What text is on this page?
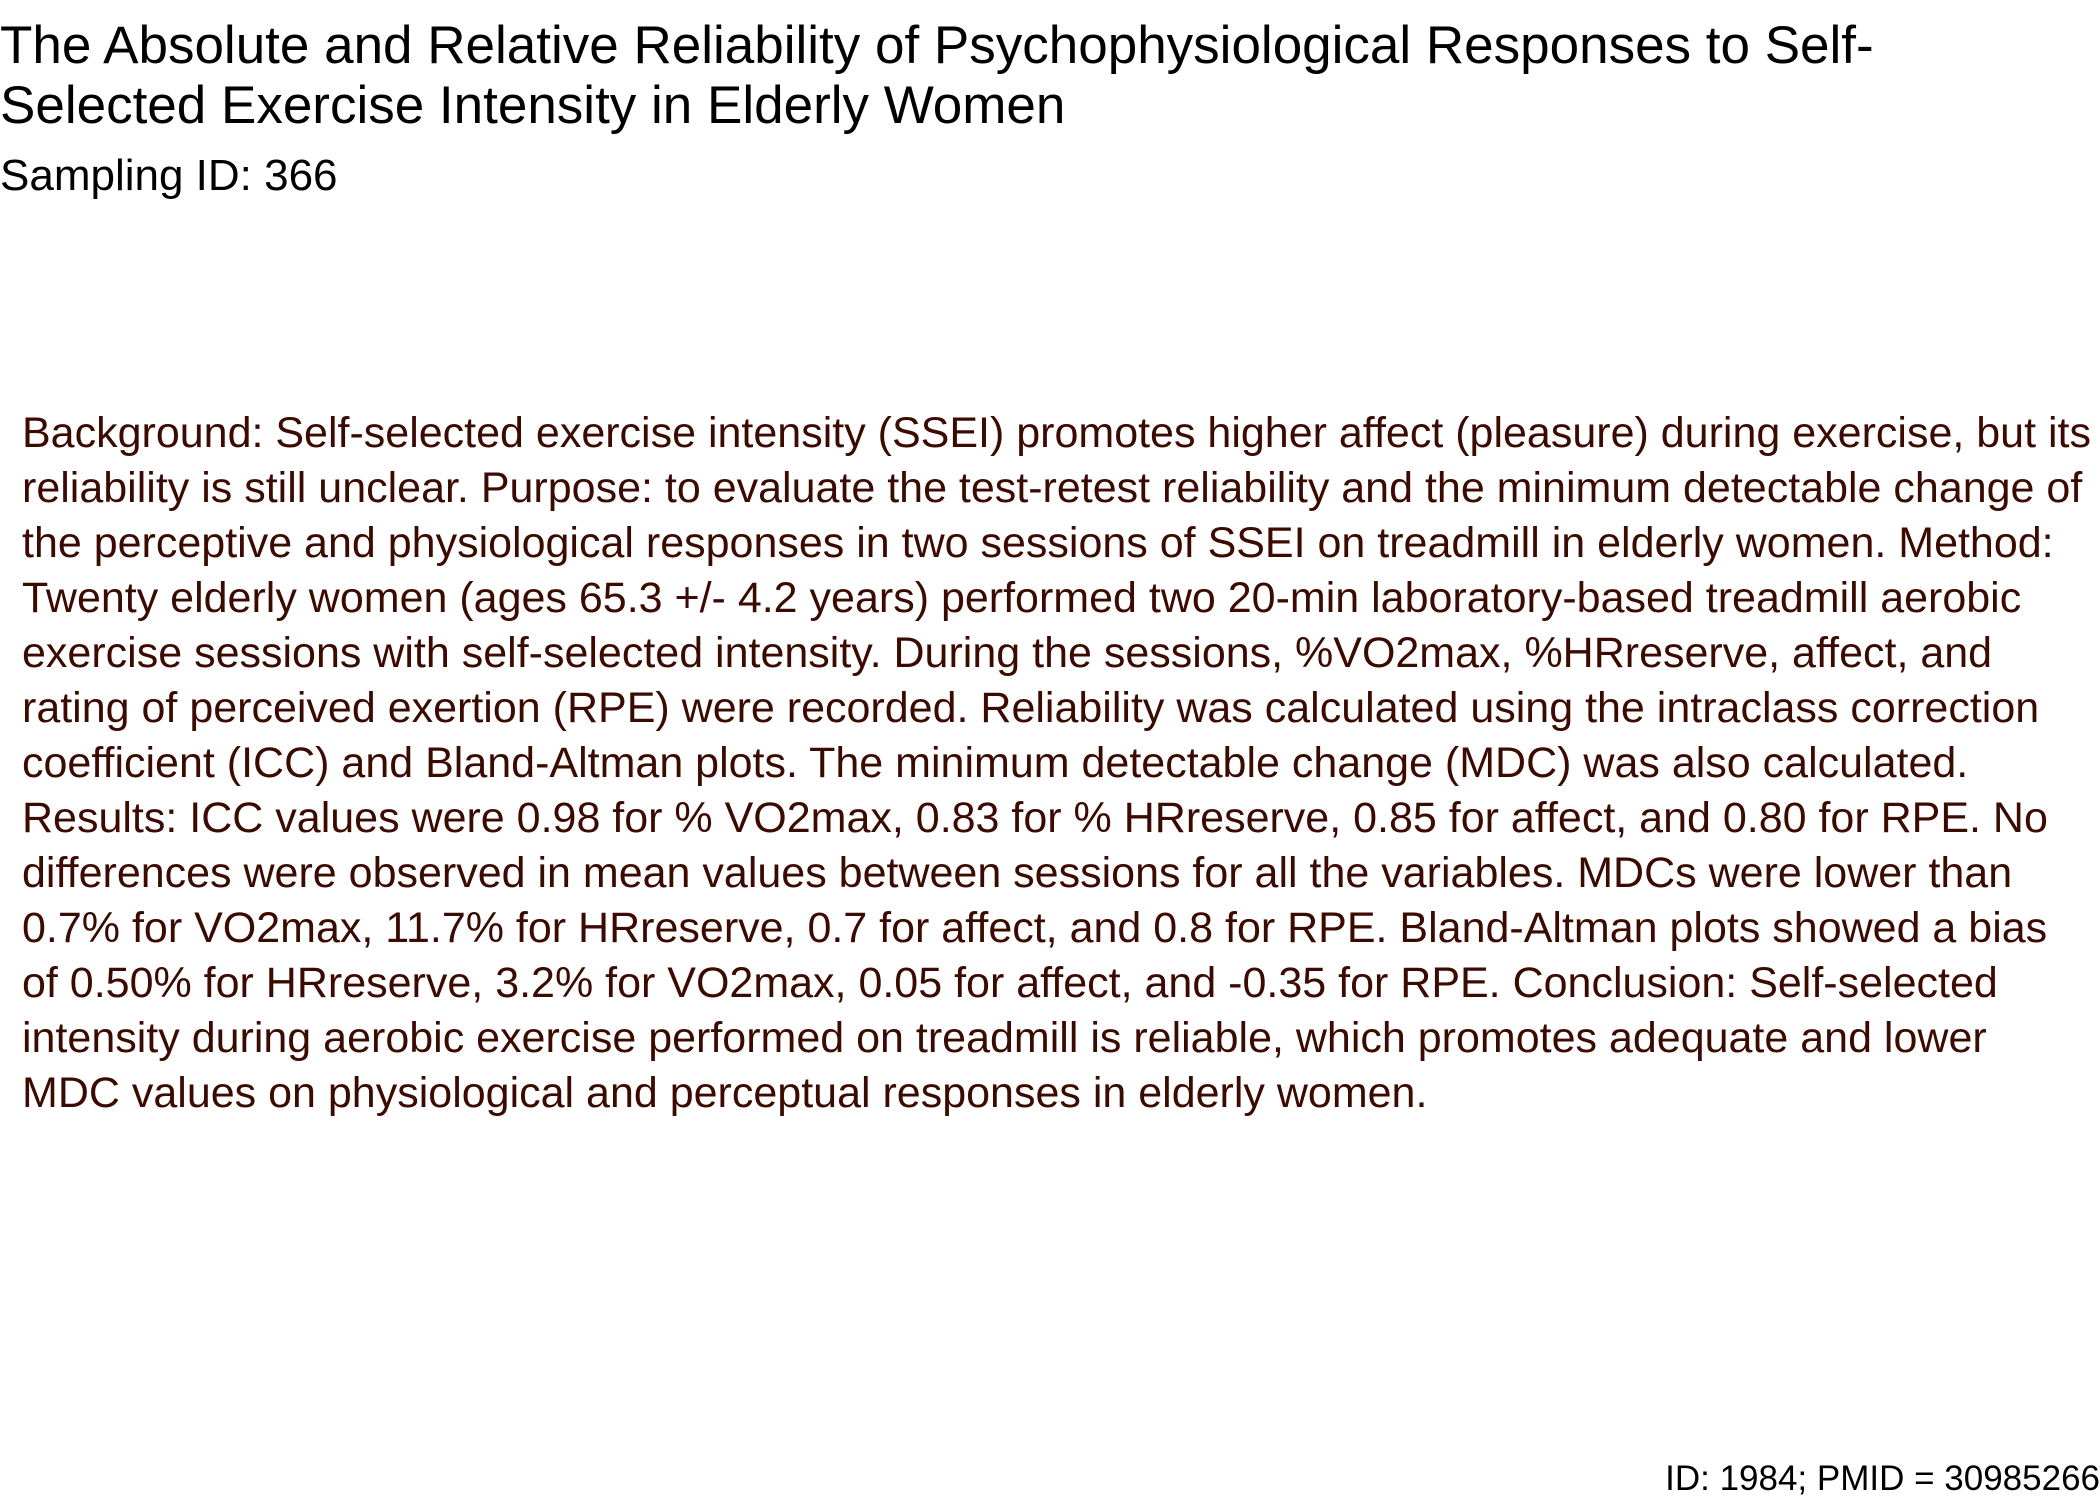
The Absolute and Relative Reliability of Psychophysiological Responses to Self-Selected Exercise Intensity in Elderly Women

Sampling ID: 366

Background: Self-selected exercise intensity (SSEI) promotes higher affect (pleasure) during exercise, but its reliability is still unclear. Purpose: to evaluate the test-retest reliability and the minimum detectable change of the perceptive and physiological responses in two sessions of SSEI on treadmill in elderly women. Method: Twenty elderly women (ages 65.3 +/- 4.2 years) performed two 20-min laboratory-based treadmill aerobic exercise sessions with self-selected intensity. During the sessions, %VO2max, %HRreserve, affect, and rating of perceived exertion (RPE) were recorded. Reliability was calculated using the intraclass correction coefficient (ICC) and Bland-Altman plots. The minimum detectable change (MDC) was also calculated. Results: ICC values were 0.98 for % VO2max, 0.83 for % HRreserve, 0.85 for affect, and 0.80 for RPE. No differences were observed in mean values between sessions for all the variables. MDCs were lower than 0.7% for VO2max, 11.7% for HRreserve, 0.7 for affect, and 0.8 for RPE. Bland-Altman plots showed a bias of 0.50% for HRreserve, 3.2% for VO2max, 0.05 for affect, and -0.35 for RPE. Conclusion: Self-selected intensity during aerobic exercise performed on treadmill is reliable, which promotes adequate and lower MDC values on physiological and perceptual responses in elderly women.

ID: 1984; PMID = 30985266
